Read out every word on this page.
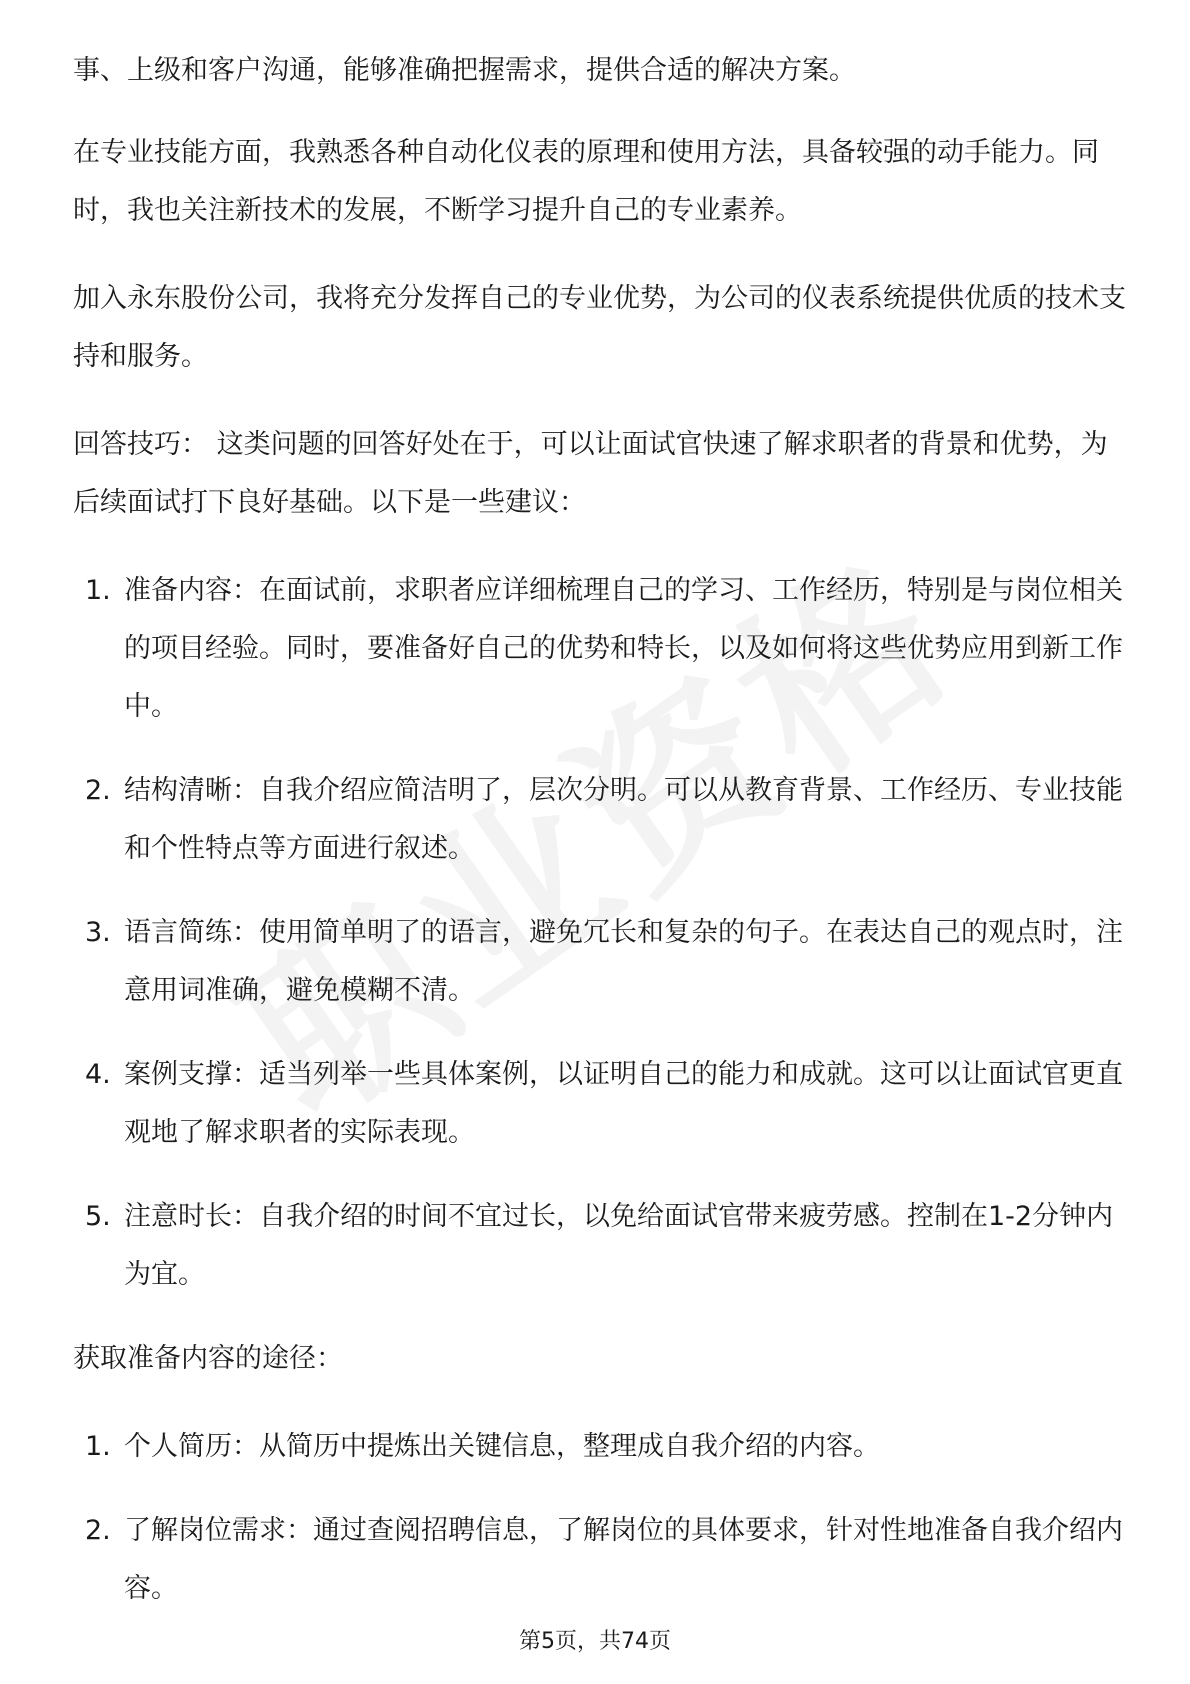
事、上级和客户沟通，能够准确把握需求，提供合适的解决方案。

在专业技能方面，我熟悉各种自动化仪表的原理和使用方法，具备较强的动手能力。同时，我也关注新技术的发展，不断学习提升自己的专业素养。

加入永东股份公司，我将充分发挥自己的专业优势，为公司的仪表系统提供优质的技术支持和服务。

回答技巧： 这类问题的回答好处在于，可以让面试官快速了解求职者的背景和优势，为后续面试打下良好基础。以下是一些建议：

1. 准备内容：在面试前，求职者应详细梳理自己的学习、工作经历，特别是与岗位相关的项目经验。同时，要准备好自己的优势和特长，以及如何将这些优势应用到新工作中。
2. 结构清晰：自我介绍应简洁明了，层次分明。可以从教育背景、工作经历、专业技能和个性特点等方面进行叙述。
3. 语言简练：使用简单明了的语言，避免冗长和复杂的句子。在表达自己的观点时，注意用词准确，避免模糊不清。
4. 案例支撑：适当列举一些具体案例，以证明自己的能力和成就。这可以让面试官更直观地了解求职者的实际表现。
5. 注意时长：自我介绍的时间不宜过长，以免给面试官带来疲劳感。控制在1-2分钟内为宜。

获取准备内容的途径：

1. 个人简历：从简历中提炼出关键信息，整理成自我介绍的内容。
2. 了解岗位需求：通过查阅招聘信息，了解岗位的具体要求，针对性地准备自我介绍内容。
第5页，共74页
